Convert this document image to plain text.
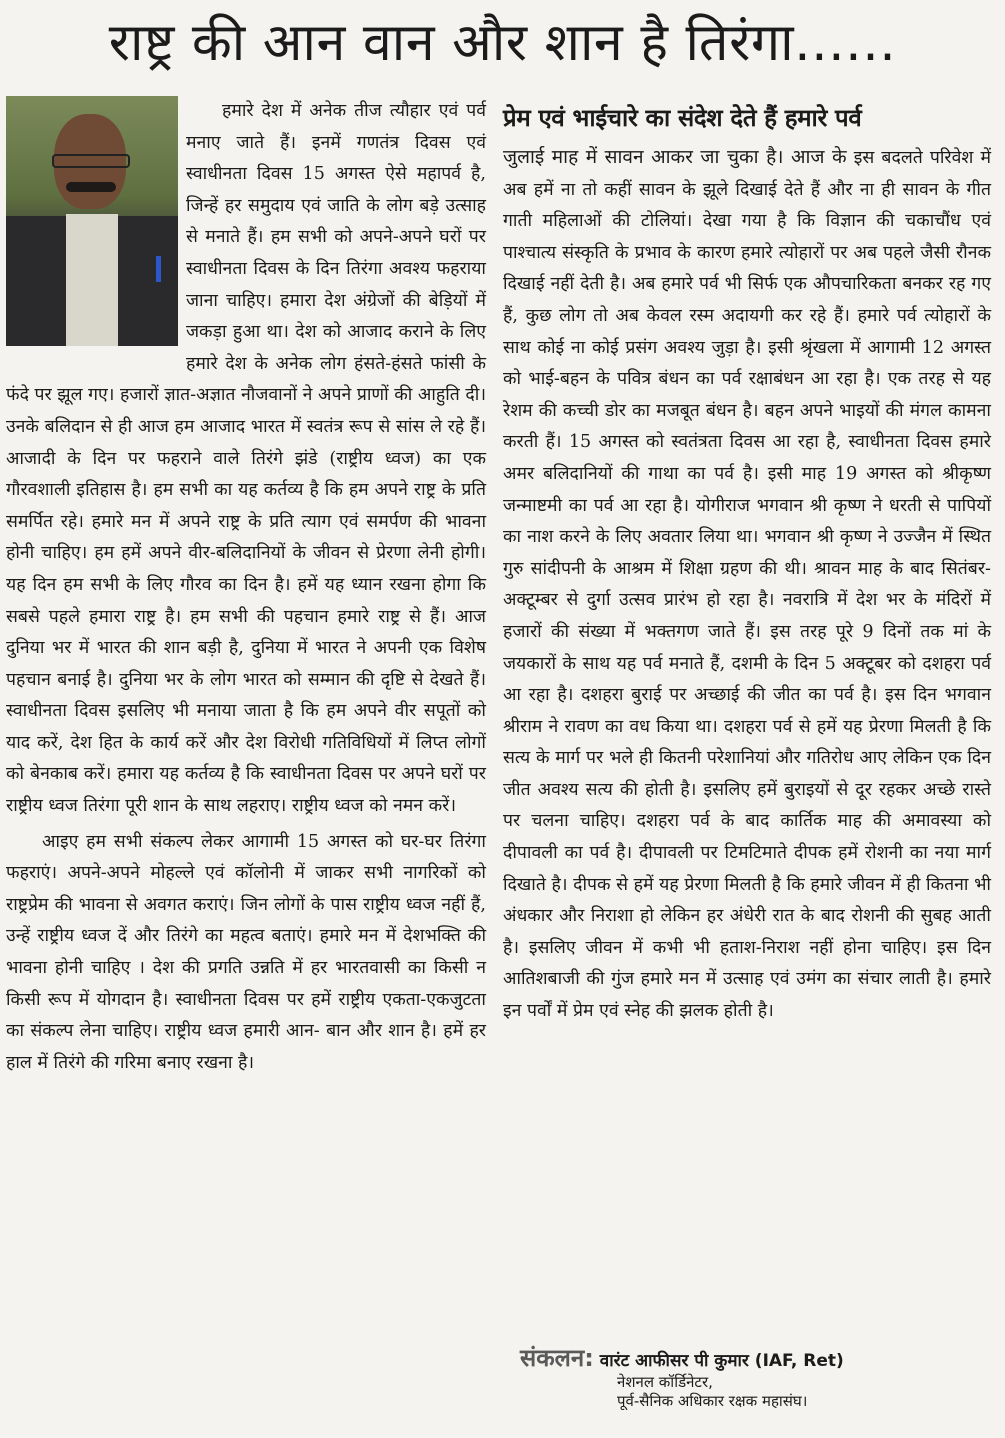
राष्ट्र की आन वान और शान है तिरंगा......

हमारे देश में अनेक तीज त्यौहार एवं पर्व मनाए जाते हैं। इनमें गणतंत्र दिवस एवं स्वाधीनता दिवस 15 अगस्त ऐसे महापर्व है, जिन्हें हर समुदाय एवं जाति के लोग बड़े उत्साह से मनाते हैं। हम सभी को अपने-अपने घरों पर स्वाधीनता दिवस के दिन तिरंगा अवश्य फहराया जाना चाहिए। हमारा देश अंग्रेजों की बेड़ियों में जकड़ा हुआ था। देश को आजाद कराने के लिए हमारे देश के अनेक लोग हंसते-हंसते फांसी के फंदे पर झूल गए। हजारों ज्ञात-अज्ञात नौजवानों ने अपने प्राणों की आहुति दी। उनके बलिदान से ही आज हम आजाद भारत में स्वतंत्र रूप से सांस ले रहे हैं। आजादी के दिन पर फहराने वाले तिरंगे झंडे (राष्ट्रीय ध्वज) का एक गौरवशाली इतिहास है। हम सभी का यह कर्तव्य है कि हम अपने राष्ट्र के प्रति समर्पित रहे। हमारे मन में अपने राष्ट्र के प्रति त्याग एवं समर्पण की भावना होनी चाहिए। हम हमें अपने वीर-बलिदानियों के जीवन से प्रेरणा लेनी होगी। यह दिन हम सभी के लिए गौरव का दिन है। हमें यह ध्यान रखना होगा कि सबसे पहले हमारा राष्ट्र है। हम सभी की पहचान हमारे राष्ट्र से हैं। आज दुनिया भर में भारत की शान बड़ी है, दुनिया में भारत ने अपनी एक विशेष पहचान बनाई है। दुनिया भर के लोग भारत को सम्मान की दृष्टि से देखते हैं। स्वाधीनता दिवस इसलिए भी मनाया जाता है कि हम अपने वीर सपूतों को याद करें, देश हित के कार्य करें और देश विरोधी गतिविधियों में लिप्त लोगों को बेनकाब करें। हमारा यह कर्तव्य है कि स्वाधीनता दिवस पर अपने घरों पर राष्ट्रीय ध्वज तिरंगा पूरी शान के साथ लहराए। राष्ट्रीय ध्वज को नमन करें।

आइए हम सभी संकल्प लेकर आगामी 15 अगस्त को घर-घर तिरंगा फहराएं। अपने-अपने मोहल्ले एवं कॉलोनी में जाकर सभी नागरिकों को राष्ट्रप्रेम की भावना से अवगत कराएं। जिन लोगों के पास राष्ट्रीय ध्वज नहीं हैं, उन्हें राष्ट्रीय ध्वज दें और तिरंगे का महत्व बताएं। हमारे मन में देशभक्ति की भावना होनी चाहिए । देश की प्रगति उन्नति में हर भारतवासी का किसी न किसी रूप में योगदान है। स्वाधीनता दिवस पर हमें राष्ट्रीय एकता-एकजुटता का संकल्प लेना चाहिए। राष्ट्रीय ध्वज हमारी आन- बान और शान है। हमें हर हाल में तिरंगे की गरिमा बनाए रखना है।

प्रेम एवं भाईचारे का संदेश देते हैं हमारे पर्व
जुलाई माह में सावन आकर जा चुका है। आज के इस बदलते परिवेश में अब हमें ना तो कहीं सावन के झूले दिखाई देते हैं और ना ही सावन के गीत गाती महिलाओं की टोलियां। देखा गया है कि विज्ञान की चकाचौंध एवं पाश्चात्य संस्कृति के प्रभाव के कारण हमारे त्योहारों पर अब पहले जैसी रौनक दिखाई नहीं देती है। अब हमारे पर्व भी सिर्फ एक औपचारिकता बनकर रह गए हैं, कुछ लोग तो अब केवल रस्म अदायगी कर रहे हैं। हमारे पर्व त्योहारों के साथ कोई ना कोई प्रसंग अवश्य जुड़ा है। इसी श्रृंखला में आगामी 12 अगस्त को भाई-बहन के पवित्र बंधन का पर्व रक्षाबंधन आ रहा है। एक तरह से यह रेशम की कच्ची डोर का मजबूत बंधन है। बहन अपने भाइयों की मंगल कामना करती हैं। 15 अगस्त को स्वतंत्रता दिवस आ रहा है, स्वाधीनता दिवस हमारे अमर बलिदानियों की गाथा का पर्व है। इसी माह 19 अगस्त को श्रीकृष्ण जन्माष्टमी का पर्व आ रहा है। योगीराज भगवान श्री कृष्ण ने धरती से पापियों का नाश करने के लिए अवतार लिया था। भगवान श्री कृष्ण ने उज्जैन में स्थित गुरु सांदीपनी के आश्रम में शिक्षा ग्रहण की थी। श्रावन माह के बाद सितंबर-अक्टूम्बर से दुर्गा उत्सव प्रारंभ हो रहा है। नवरात्रि में देश भर के मंदिरों में हजारों की संख्या में भक्तगण जाते हैं। इस तरह पूरे 9 दिनों तक मां के जयकारों के साथ यह पर्व मनाते हैं, दशमी के दिन 5 अक्टूबर को दशहरा पर्व आ रहा है। दशहरा बुराई पर अच्छाई की जीत का पर्व है। इस दिन भगवान श्रीराम ने रावण का वध किया था। दशहरा पर्व से हमें यह प्रेरणा मिलती है कि सत्य के मार्ग पर भले ही कितनी परेशानियां और गतिरोध आए लेकिन एक दिन जीत अवश्य सत्य की होती है। इसलिए हमें बुराइयों से दूर रहकर अच्छे रास्ते पर चलना चाहिए। दशहरा पर्व के बाद कार्तिक माह की अमावस्या को दीपावली का पर्व है। दीपावली पर टिमटिमाते दीपक हमें रोशनी का नया मार्ग दिखाते है। दीपक से हमें यह प्रेरणा मिलती है कि हमारे जीवन में ही कितना भी अंधकार और निराशा हो लेकिन हर अंधेरी रात के बाद रोशनी की सुबह आती है। इसलिए जीवन में कभी भी हताश-निराश नहीं होना चाहिए। इस दिन आतिशबाजी की गुंज हमारे मन में उत्साह एवं उमंग का संचार लाती है। हमारे इन पर्वों में प्रेम एवं स्नेह की झलक होती है।
संकलन: वारंट आफीसर पी कुमार (IAF, Ret)
नेशनल कॉर्डिनेटर,
पूर्व-सैनिक अधिकार रक्षक महासंघ।
